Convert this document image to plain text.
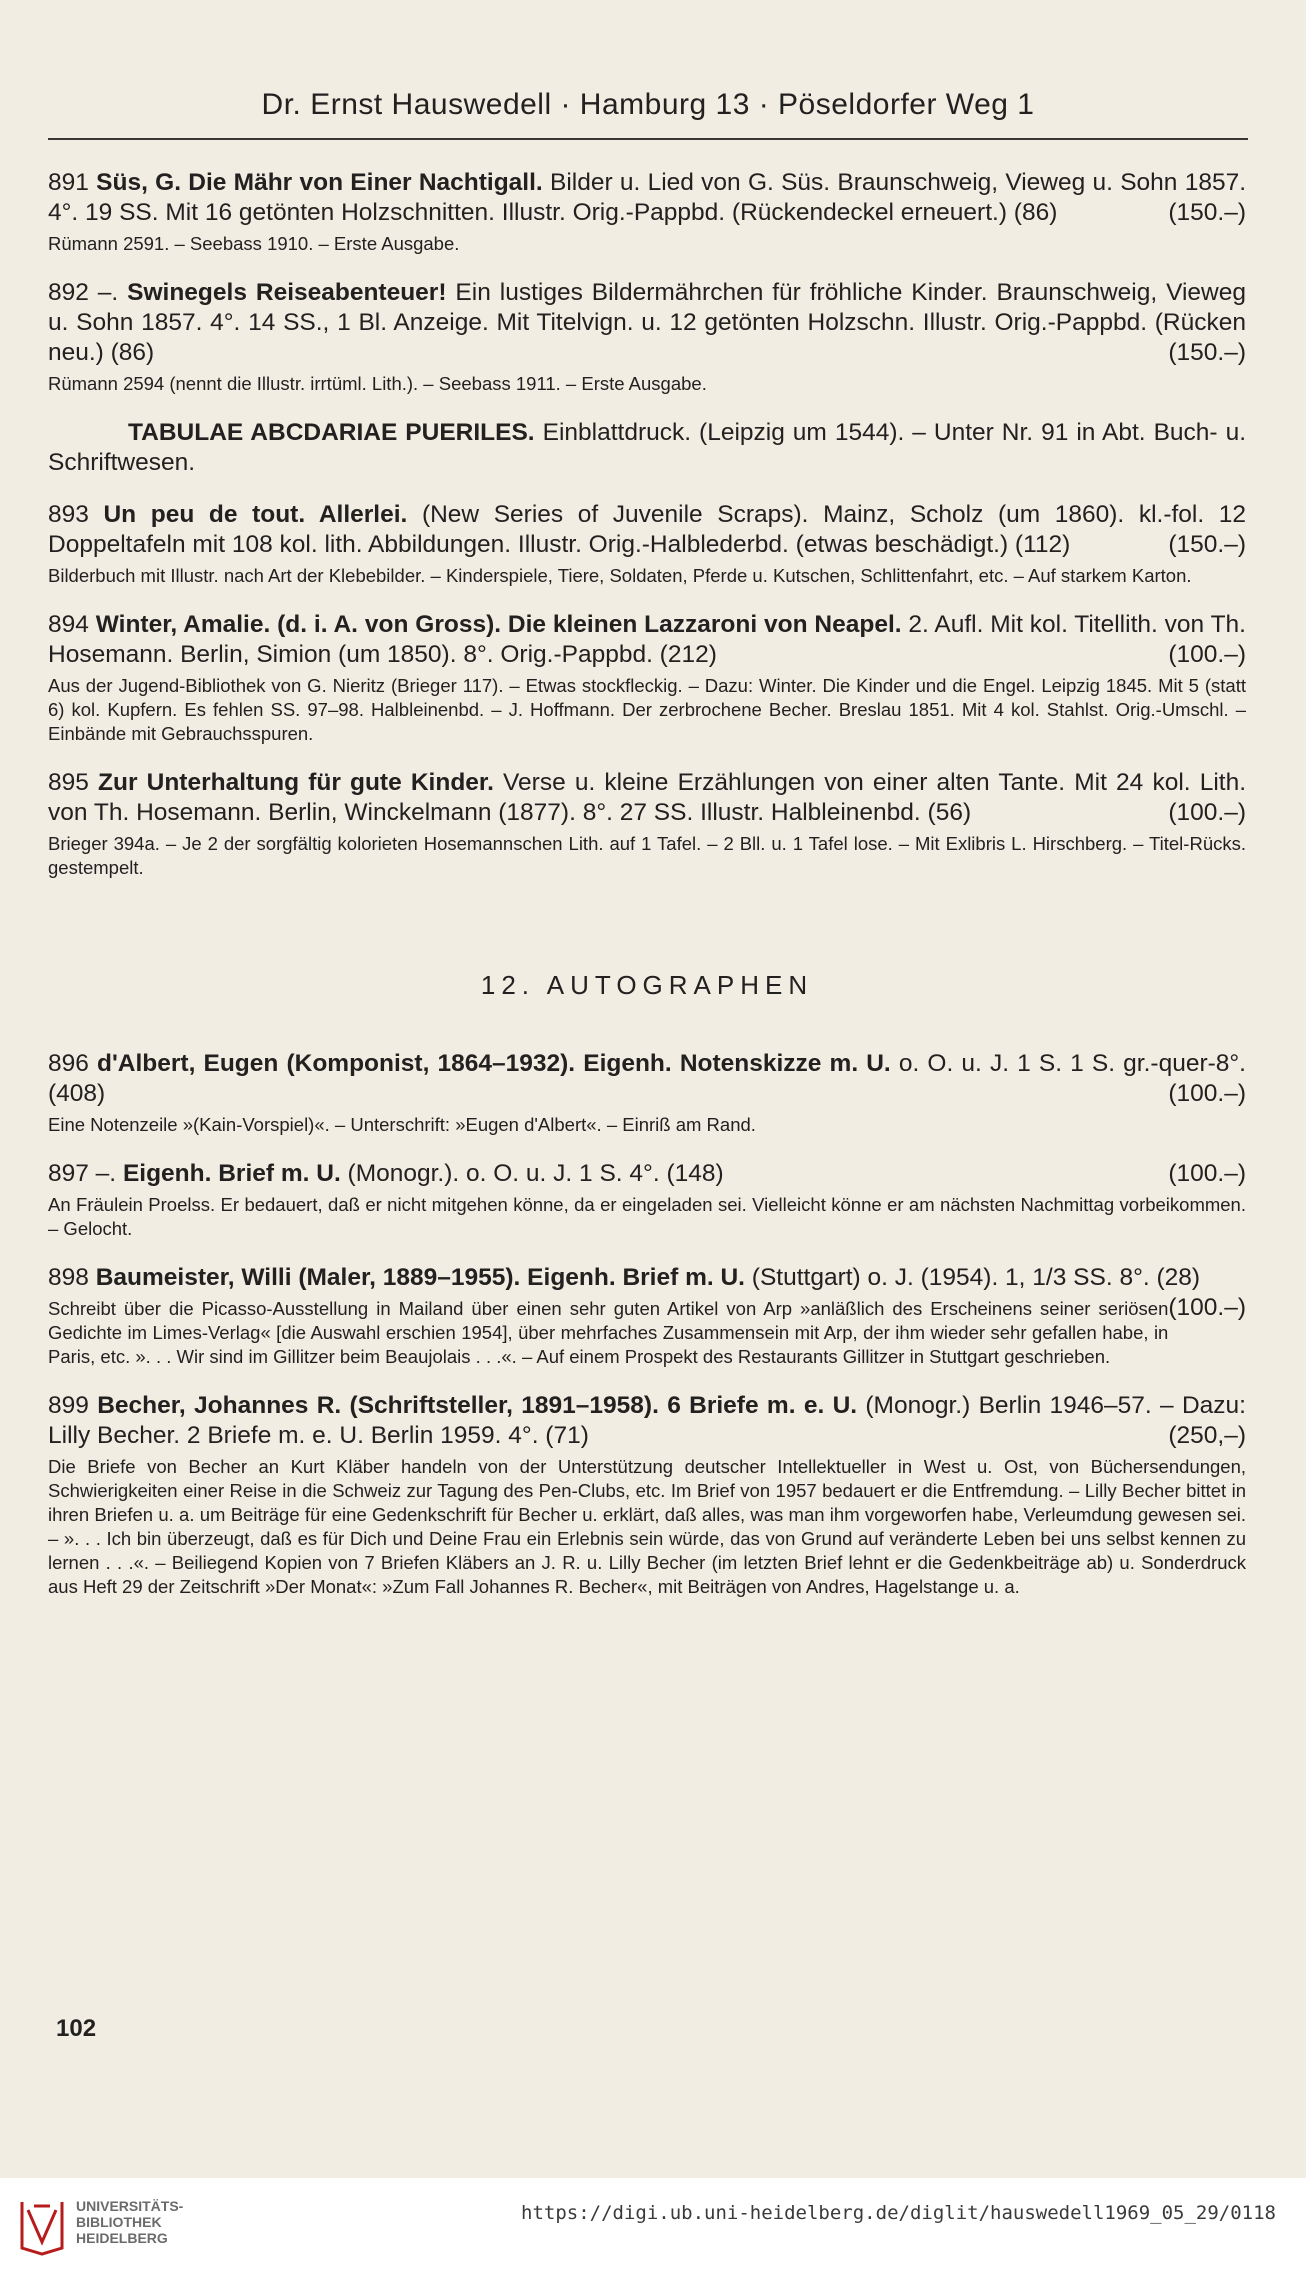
Dr. Ernst Hauswedell · Hamburg 13 · Pöseldorfer Weg 1
891 Süs, G. Die Mähr von Einer Nachtigall. Bilder u. Lied von G. Süs. Braunschweig, Vieweg u. Sohn 1857. 4°. 19 SS. Mit 16 getönten Holzschnitten. Illustr. Orig.-Pappbd. (Rückendeckel erneuert.) (86)	(150.–)
Rümann 2591. – Seebass 1910. – Erste Ausgabe.
892 –. Swinegels Reiseabenteuer! Ein lustiges Bildermährchen für fröhliche Kinder. Braunschweig, Vieweg u. Sohn 1857. 4°. 14 SS., 1 Bl. Anzeige. Mit Titelvign. u. 12 getönten Holzschn. Illustr. Orig.-Pappbd. (Rücken neu.) (86)	(150.–)
Rümann 2594 (nennt die Illustr. irrtüml. Lith.). – Seebass 1911. – Erste Ausgabe.
TABULAE ABCDARIAE PUERILES. Einblattdruck. (Leipzig um 1544). – Unter Nr. 91 in Abt. Buch- u. Schriftwesen.
893 Un peu de tout. Allerlei. (New Series of Juvenile Scraps). Mainz, Scholz (um 1860). kl.-fol. 12 Doppeltafeln mit 108 kol. lith. Abbildungen. Illustr. Orig.-Halblederbd. (etwas beschädigt.) (112)	(150.–)
Bilderbuch mit Illustr. nach Art der Klebebilder. – Kinderspiele, Tiere, Soldaten, Pferde u. Kutschen, Schlittenfahrt, etc. – Auf starkem Karton.
894 Winter, Amalie. (d. i. A. von Gross). Die kleinen Lazzaroni von Neapel. 2. Aufl. Mit kol. Titellith. von Th. Hosemann. Berlin, Simion (um 1850). 8°. Orig.-Pappbd. (212)	(100.–)
Aus der Jugend-Bibliothek von G. Nieritz (Brieger 117). – Etwas stockfleckig. – Dazu: Winter. Die Kinder und die Engel. Leipzig 1845. Mit 5 (statt 6) kol. Kupfern. Es fehlen SS. 97–98. Halbleinenbd. – J. Hoffmann. Der zerbrochene Becher. Breslau 1851. Mit 4 kol. Stahlst. Orig.-Umschl. – Einbände mit Gebrauchsspuren.
895 Zur Unterhaltung für gute Kinder. Verse u. kleine Erzählungen von einer alten Tante. Mit 24 kol. Lith. von Th. Hosemann. Berlin, Winckelmann (1877). 8°. 27 SS. Illustr. Halbleinenbd. (56)	(100.–)
Brieger 394a. – Je 2 der sorgfältig kolorieten Hosemannschen Lith. auf 1 Tafel. – 2 Bll. u. 1 Tafel lose. – Mit Exlibris L. Hirschberg. – Titel-Rücks. gestempelt.
12. AUTOGRAPHEN
896 d'Albert, Eugen (Komponist, 1864–1932). Eigenh. Notenskizze m. U. o. O. u. J. 1 S. 1 S. gr.-quer-8°. (408)	(100.–)
Eine Notenzeile »(Kain-Vorspiel)«. – Unterschrift: »Eugen d'Albert«. – Einriß am Rand.
897 –. Eigenh. Brief m. U. (Monogr.). o. O. u. J. 1 S. 4°. (148)	(100.–)
An Fräulein Proelss. Er bedauert, daß er nicht mitgehen könne, da er eingeladen sei. Vielleicht könne er am nächsten Nachmittag vorbeikommen. – Gelocht.
898 Baumeister, Willi (Maler, 1889–1955). Eigenh. Brief m. U. (Stuttgart) o. J. (1954). 1, 1/3 SS. 8°. (28)
(100.–)
Schreibt über die Picasso-Ausstellung in Mailand über einen sehr guten Artikel von Arp »anläßlich des Erscheinens seiner seriösen Gedichte im Limes-Verlag« [die Auswahl erschien 1954], über mehrfaches Zusammensein mit Arp, der ihm wieder sehr gefallen habe, in Paris, etc. ». . . Wir sind im Gillitzer beim Beaujolais . . .«. – Auf einem Prospekt des Restaurants Gillitzer in Stuttgart geschrieben.
899 Becher, Johannes R. (Schriftsteller, 1891–1958). 6 Briefe m. e. U. (Monogr.) Berlin 1946–57. – Dazu: Lilly Becher. 2 Briefe m. e. U. Berlin 1959. 4°. (71)	(250,–)
Die Briefe von Becher an Kurt Kläber handeln von der Unterstützung deutscher Intellektueller in West u. Ost, von Büchersendungen, Schwierigkeiten einer Reise in die Schweiz zur Tagung des Pen-Clubs, etc. Im Brief von 1957 bedauert er die Entfremdung. – Lilly Becher bittet in ihren Briefen u. a. um Beiträge für eine Gedenkschrift für Becher u. erklärt, daß alles, was man ihm vorgeworfen habe, Verleumdung gewesen sei. – ». . . Ich bin überzeugt, daß es für Dich und Deine Frau ein Erlebnis sein würde, das von Grund auf veränderte Leben bei uns selbst kennen zu lernen . . .«. – Beiliegend Kopien von 7 Briefen Kläbers an J. R. u. Lilly Becher (im letzten Brief lehnt er die Gedenkbeiträge ab) u. Sonderdruck aus Heft 29 der Zeitschrift »Der Monat«: »Zum Fall Johannes R. Becher«, mit Beiträgen von Andres, Hagelstange u. a.
102
UNIVERSITÄTS-
BIBLIOTHEK
HEIDELBERG
https://digi.ub.uni-heidelberg.de/diglit/hauswedell1969_05_29/0118
